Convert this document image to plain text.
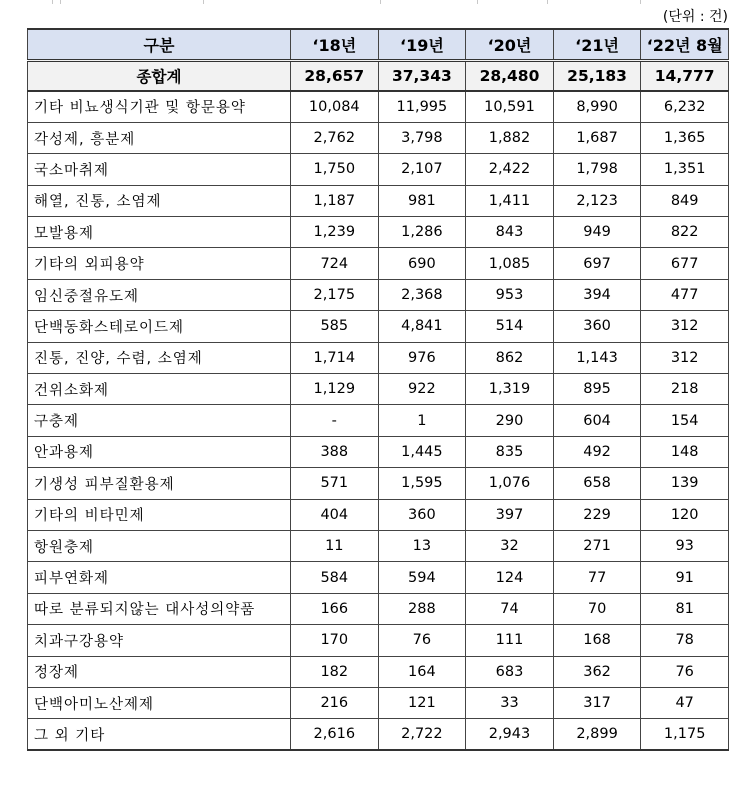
(단위 : 건)
구분	‘18년	‘19년	‘20년	‘21년	‘22년 8월
종합계	28,657	37,343	28,480	25,183	14,777
기타 비뇨생식기관 및 항문용약	10,084	11,995	10,591	8,990	6,232
각성제, 흥분제	2,762	3,798	1,882	1,687	1,365
국소마취제	1,750	2,107	2,422	1,798	1,351
해열, 진통, 소염제	1,187	981	1,411	2,123	849
모발용제	1,239	1,286	843	949	822
기타의 외피용약	724	690	1,085	697	677
임신중절유도제	2,175	2,368	953	394	477
단백동화스테로이드제	585	4,841	514	360	312
진통, 진양, 수렴, 소염제	1,714	976	862	1,143	312
건위소화제	1,129	922	1,319	895	218
구충제	-	1	290	604	154
안과용제	388	1,445	835	492	148
기생성 피부질환용제	571	1,595	1,076	658	139
기타의 비타민제	404	360	397	229	120
항원충제	11	13	32	271	93
피부연화제	584	594	124	77	91
따로 분류되지않는 대사성의약품	166	288	74	70	81
치과구강용약	170	76	111	168	78
정장제	182	164	683	362	76
단백아미노산제제	216	121	33	317	47
그 외 기타	2,616	2,722	2,943	2,899	1,175
